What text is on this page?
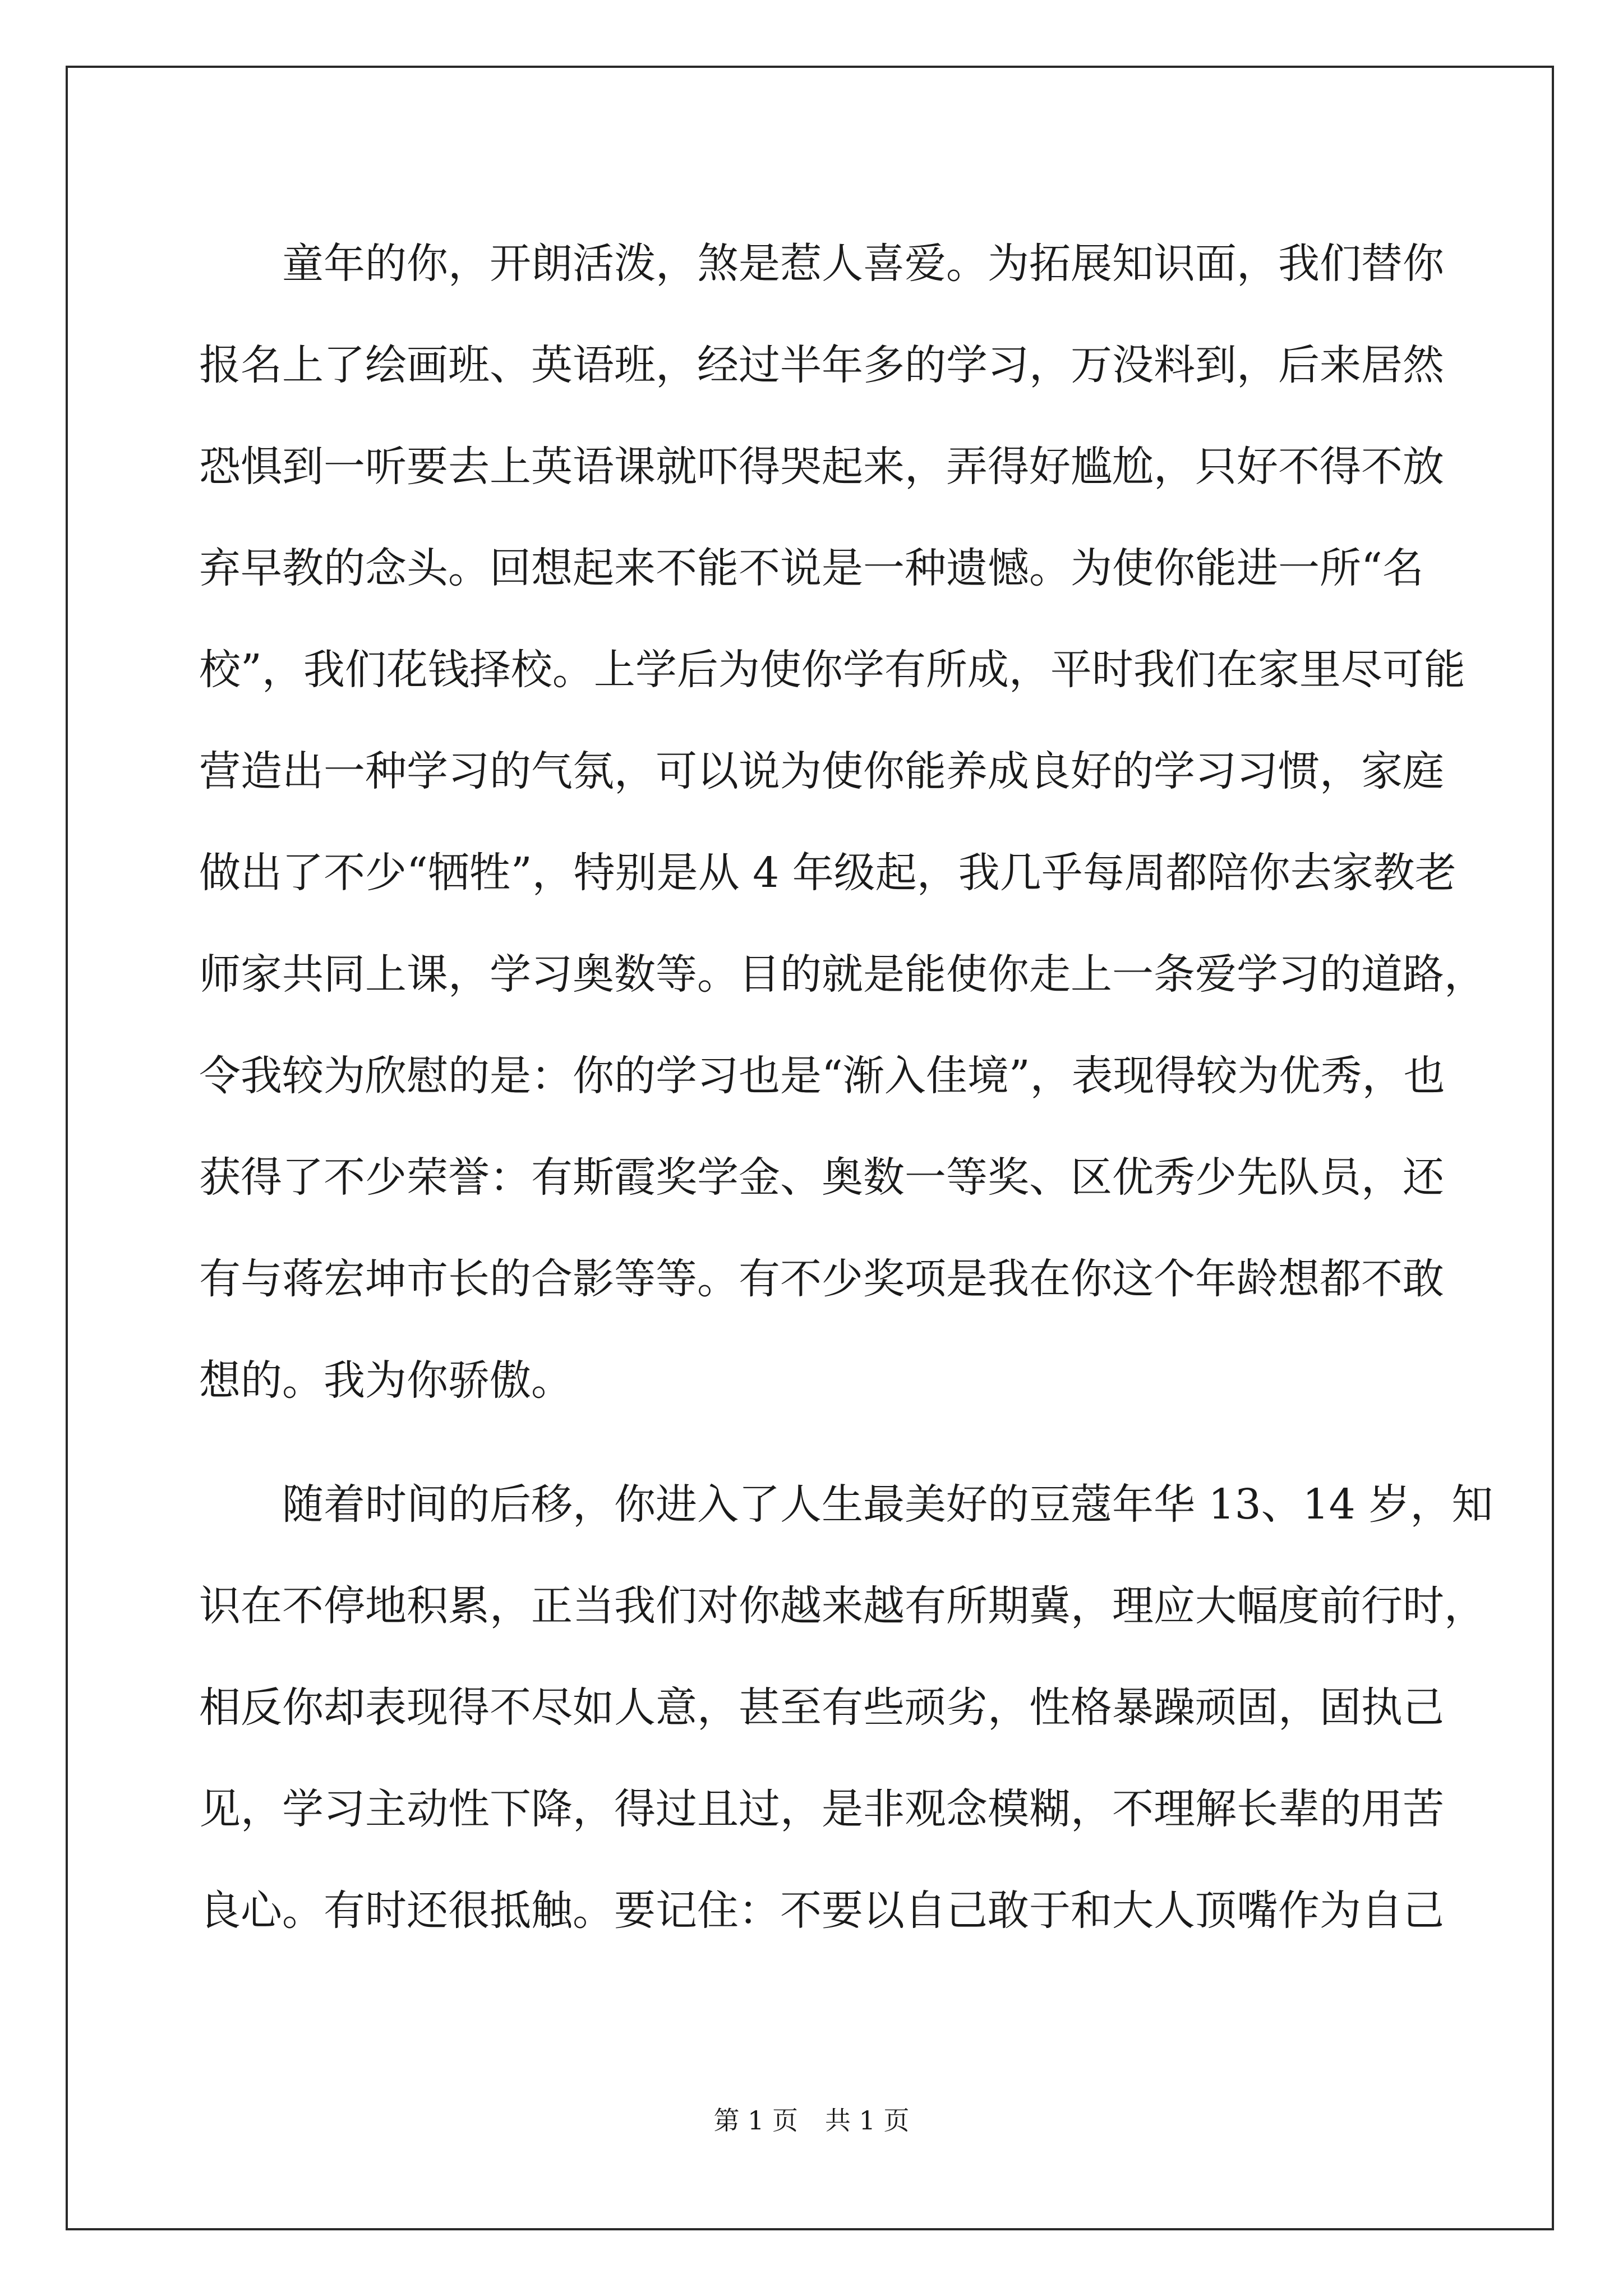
　　童年的你，开朗活泼，煞是惹人喜爱。为拓展知识面，我们替你

报名上了绘画班、英语班，经过半年多的学习，万没料到，后来居然

恐惧到一听要去上英语课就吓得哭起来，弄得好尴尬，只好不得不放

弃早教的念头。回想起来不能不说是一种遗憾。为使你能进一所“名

校”，我们花钱择校。上学后为使你学有所成，平时我们在家里尽可能

营造出一种学习的气氛，可以说为使你能养成良好的学习习惯，家庭

做出了不少“牺牲”，特别是从 4 年级起，我几乎每周都陪你去家教老

师家共同上课，学习奥数等。目的就是能使你走上一条爱学习的道路，

令我较为欣慰的是：你的学习也是“渐入佳境”，表现得较为优秀，也

获得了不少荣誉：有斯霞奖学金、奥数一等奖、区优秀少先队员，还

有与蒋宏坤市长的合影等等。有不少奖项是我在你这个年龄想都不敢

想的。我为你骄傲。

　　随着时间的后移，你进入了人生最美好的豆蔻年华 13、14 岁，知

识在不停地积累，正当我们对你越来越有所期冀，理应大幅度前行时，

相反你却表现得不尽如人意，甚至有些顽劣，性格暴躁顽固，固执己

见，学习主动性下降，得过且过，是非观念模糊，不理解长辈的用苦

良心。有时还很抵触。要记住：不要以自己敢于和大人顶嘴作为自己

第 1 页 共 1 页
